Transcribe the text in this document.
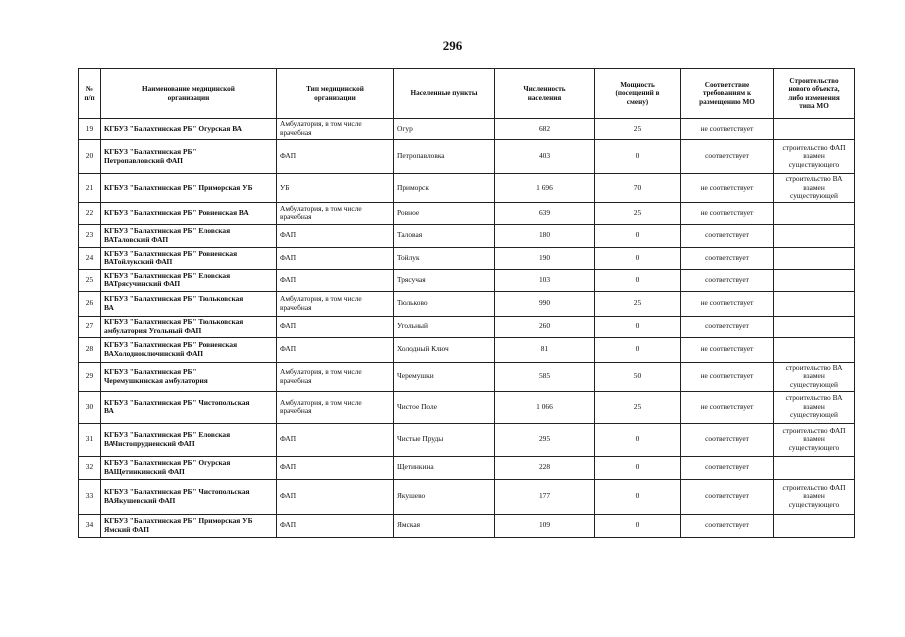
296
№
п/п	Наименование медицинской
организации	Тип медицинской
организации	Населенные пункты	Численность
населения	Мощность
(посещений в
смену)	Соответствие
требованиям к
размещению МО	Строительство
нового объекта,
либо изменения
типа МО
19	КГБУЗ "Балахтинская РБ" Огурская ВА	Амбулатория, в том числе
врачебная	Огур	682	25	не соответствует	
20	КГБУЗ "Балахтинская РБ"
Петропавловский ФАП	ФАП	Петропавловка	403	0	соответствует	строительство ФАП
взамен
существующего
21	КГБУЗ "Балахтинская РБ" Приморская УБ	УБ	Приморск	1 696	70	не соответствует	строительство ВА
взамен
существующей
22	КГБУЗ "Балахтинская РБ" Ровненская ВА	Амбулатория, в том числе
врачебная	Ровное	639	25	не соответствует	
23	КГБУЗ "Балахтинская РБ" Еловская
ВАТаловский ФАП	ФАП	Таловая	180	0	соответствует	
24	КГБУЗ "Балахтинская РБ" Ровненская
ВАТойлукский ФАП	ФАП	Тойлук	190	0	соответствует	
25	КГБУЗ "Балахтинская РБ" Еловская
ВАТрясучинский ФАП	ФАП	Трясучая	103	0	соответствует	
26	КГБУЗ "Балахтинская РБ" Тюльковская
ВА	Амбулатория, в том числе
врачебная	Тюльково	990	25	не соответствует	
27	КГБУЗ "Балахтинская РБ" Тюльковская
амбулатория Угольный ФАП	ФАП	Угольный	260	0	соответствует	
28	КГБУЗ "Балахтинская РБ" Ровненская
ВАХолодноключинский ФАП	ФАП	Холодный Ключ	81	0	не соответствует	
29	КГБУЗ "Балахтинская РБ"
Черемушкинская амбулатория	Амбулатория, в том числе
врачебная	Черемушки	585	50	не соответствует	строительство ВА
взамен
существующей
30	КГБУЗ "Балахтинская РБ" Чистопольская
ВА	Амбулатория, в том числе
врачебная	Чистое Поле	1 066	25	не соответствует	строительство ВА
взамен
существующей
31	КГБУЗ "Балахтинская РБ" Еловская
ВАЧистопрудненский ФАП	ФАП	Чистые Пруды	295	0	соответствует	строительство ФАП
взамен
существующего
32	КГБУЗ "Балахтинская РБ" Огурская
ВАЩетинкинский ФАП	ФАП	Щетинкина	228	0	соответствует	
33	КГБУЗ "Балахтинская РБ" Чистопольская
ВАЯкушевский ФАП	ФАП	Якушево	177	0	соответствует	строительство ФАП
взамен
существующего
34	КГБУЗ "Балахтинская РБ" Приморская УБ
Ямский ФАП	ФАП	Ямская	109	0	соответствует	
